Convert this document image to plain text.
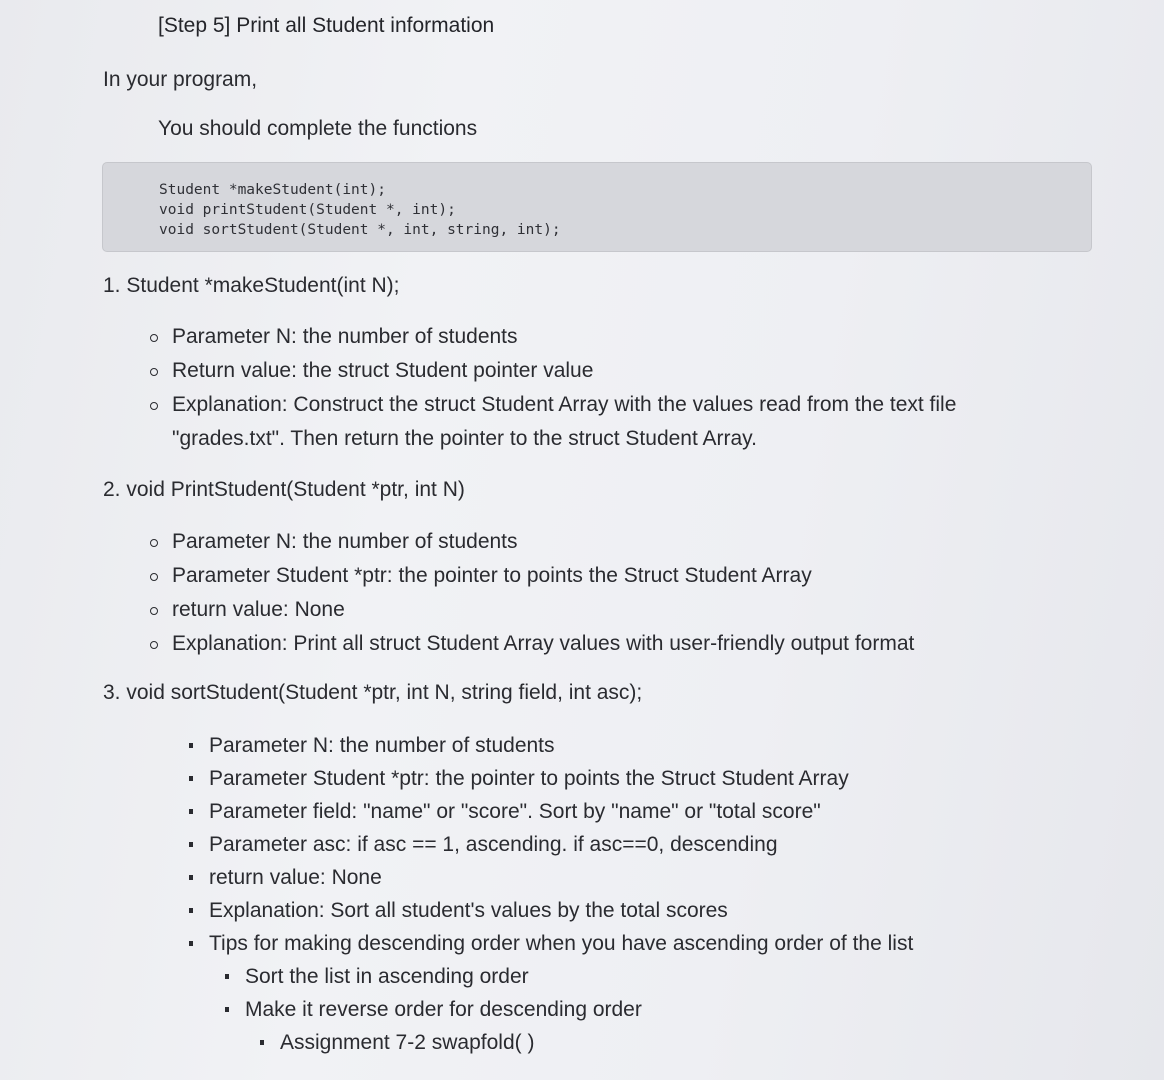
[Step 5] Print all Student information

In your program,

You should complete the functions

Student *makeStudent(int);
void printStudent(Student *, int);
void sortStudent(Student *, int, string, int);
1. Student *makeStudent(int N);
Parameter N: the number of students
Return value: the struct Student pointer value
Explanation: Construct the struct Student Array with the values read from the text file
"grades.txt". Then return the pointer to the struct Student Array.
2. void PrintStudent(Student *ptr, int N)
Parameter N: the number of students
Parameter Student *ptr: the pointer to points the Struct Student Array
return value: None
Explanation: Print all struct Student Array values with user-friendly output format
3. void sortStudent(Student *ptr, int N, string field, int asc);
Parameter N: the number of students
Parameter Student *ptr: the pointer to points the Struct Student Array
Parameter field: "name" or "score". Sort by "name" or "total score"
Parameter asc: if asc == 1, ascending. if asc==0, descending
return value: None
Explanation: Sort all student's values by the total scores
Tips for making descending order when you have ascending order of the list
Sort the list in ascending order
Make it reverse order for descending order
Assignment 7-2 swapfold( )
